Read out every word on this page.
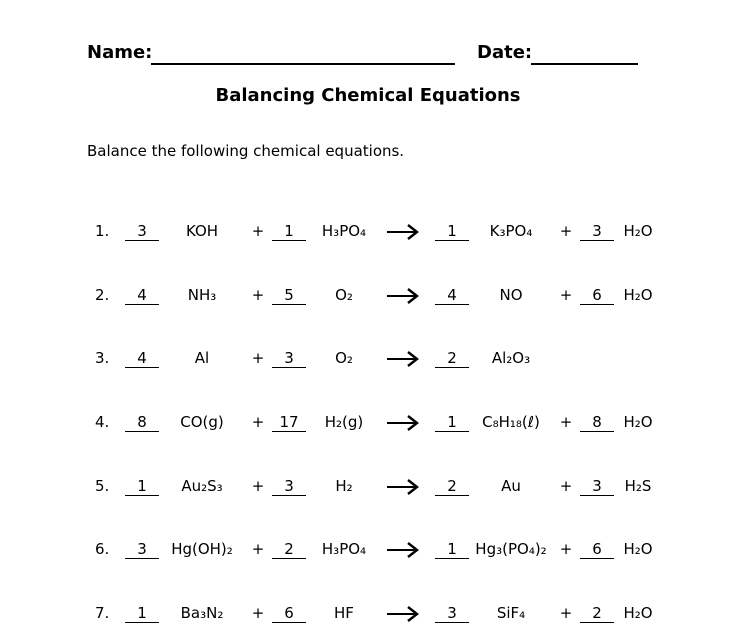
Name:	Date:
Balancing Chemical Equations
Balance the following chemical equations.
1.	3	KOH	+	1	H₃PO₄	→	1	K₃PO₄	+	3	H₂O
2.	4	NH₃	+	5	O₂	4	NO	+	6	H₂O
3.	4	Al	+	3	O₂	2	Al₂O₃
4.	8	CO(g)	+	17	H₂(g)	1	C₈H₁₈(ℓ)	+	8	H₂O
5.	1	Au₂S₃	+	3	H₂	2	Au	+	3	H₂S
6.	3	Hg(OH)₂	+	2	H₃PO₄	→	1	Hg₃(PO₄)₂ +	6	H₂O
7.	1	Ba₃N₂	+	6	HF	3	SiF₄	+	2	H₂O
